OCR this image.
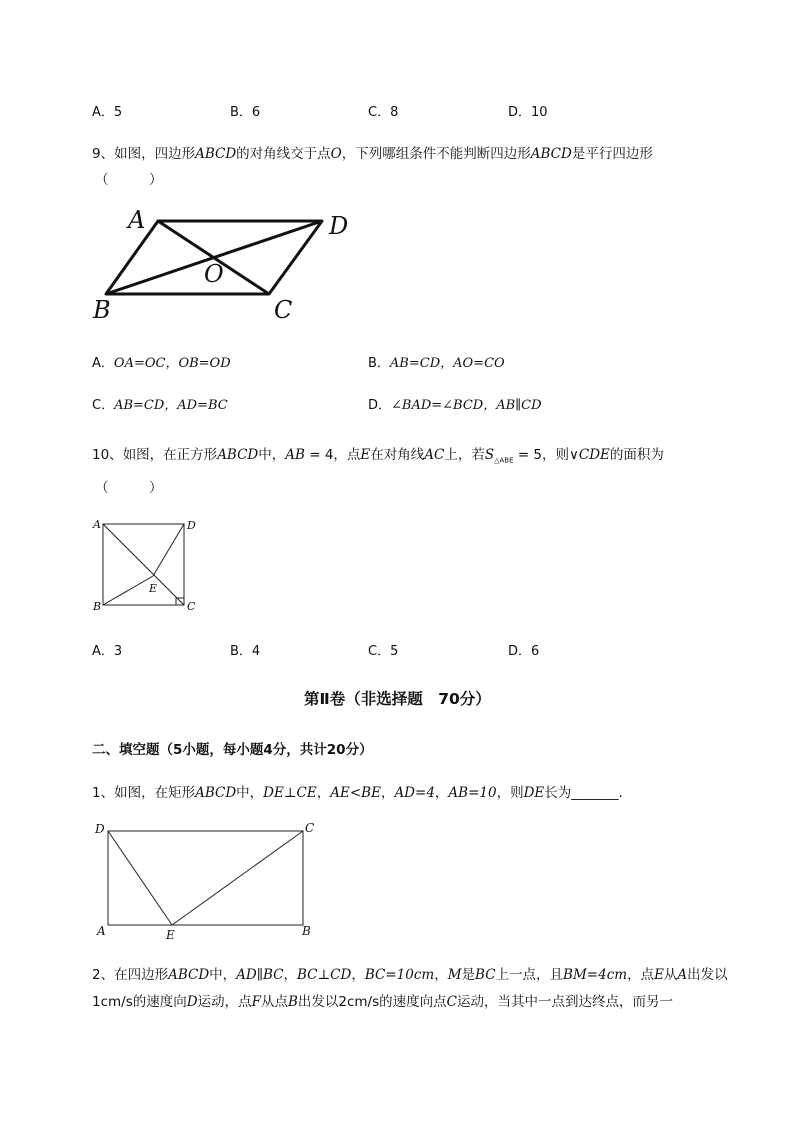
A．5	B．6	C．8	D．10
9、如图，四边形ABCD的对角线交于点O，下列哪组条件不能判断四边形ABCD是平行四边形
（　　　）
A	D
O
B	C
A．OA=OC，OB=OD	B．AB=CD，AO=CO
C．AB=CD，AD=BC	D．∠BAD=∠BCD，AB∥CD
10、如图，在正方形ABCD中，AB = 4，点E在对角线AC上，若$S_{\triangle ABE} = 5$，则∨CDE的面积为
（　　　）
A	D
E
B	C
A．3	B．4	C．5	D．6
第Ⅱ卷（非选择题　70分）
二、填空题（5小题，每小题4分，共计20分）
1、如图，在矩形ABCD中，DE⊥CE，AE<BE，AD=4，AB=10，则DE长为_______.
D	C
A	E	B
2、在四边形ABCD中，AD∥BC，BC⊥CD，BC=10cm，M是BC上一点，且BM=4cm，点E从A出发以
1cm/s的速度向D运动，点F从点B出发以2cm/s的速度向点C运动，当其中一点到达终点，而另一
